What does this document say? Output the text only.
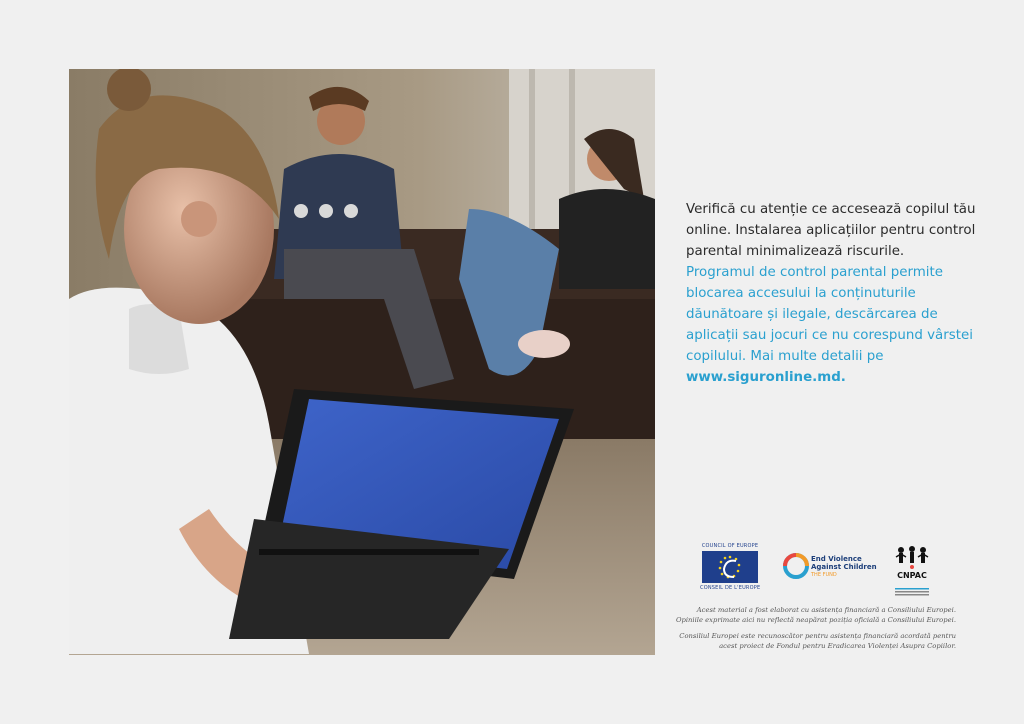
Verifică cu atenție ce accesează copilul tău online. Instalarea aplicațiilor pentru control parental minimalizează riscurile.

Programul de control parental permite blocarea accesului la conținuturile dăunătoare și ilegale, descărcarea de aplicații sau jocuri ce nu corespund vârstei copilului. Mai multe detalii pe www.siguronline.md.

COUNCIL OF EUROPE
CONSEIL DE L'EUROPE
End Violence
Against Children
THE FUND	CNPAC

Acest material a fost elaborat cu asistența financiară a Consiliului Europei.
Opiniile exprimate aici nu reflectă neapărat poziția oficială a Consiliului Europei.

Consiliul Europei este recunoscător pentru asistența financiară acordată pentru
acest proiect de Fondul pentru Eradicarea Violenței Asupra Copiilor.
